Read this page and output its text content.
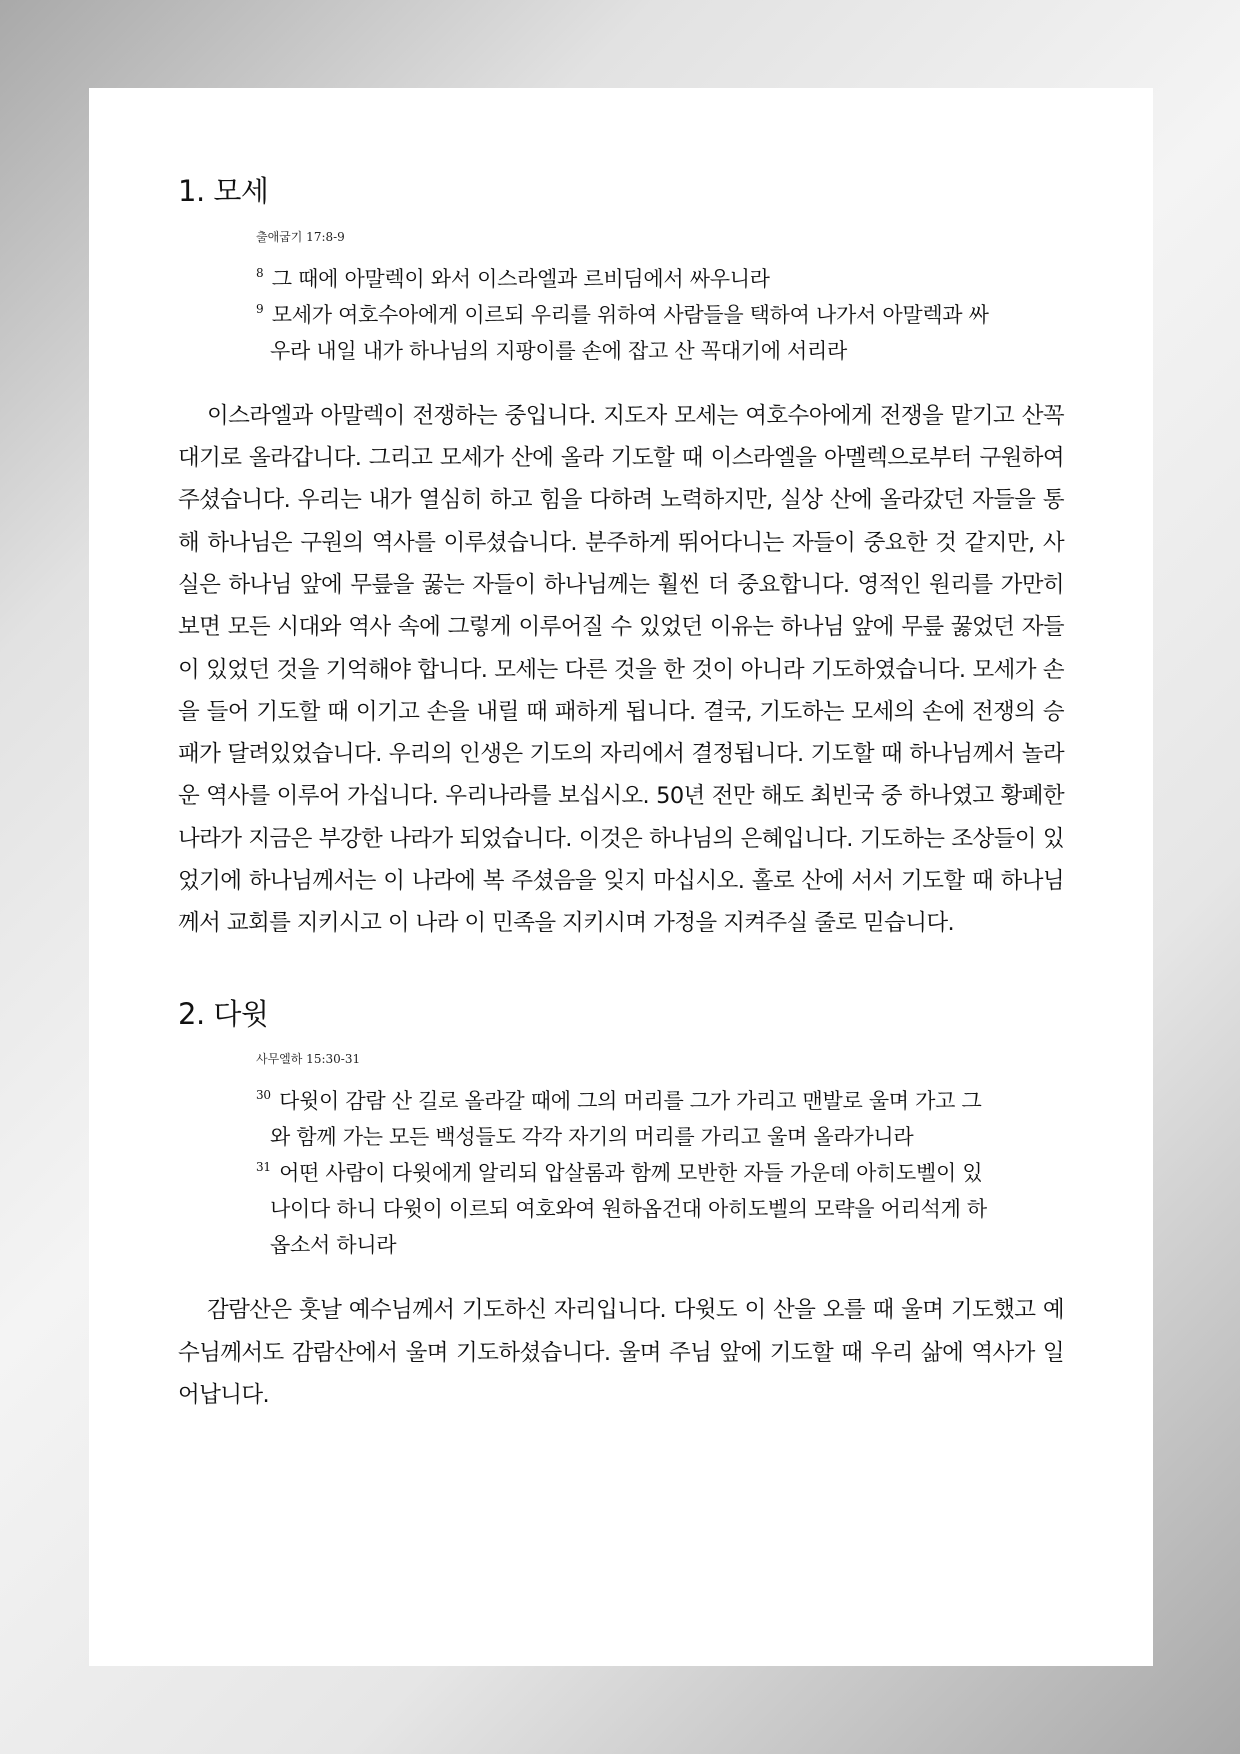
1. 모세
출애굽기 17:8-9
$^8$ 그 때에 아말렉이 와서 이스라엘과 르비딤에서 싸우니라
$^9$ 모세가 여호수아에게 이르되 우리를 위하여 사람들을 택하여 나가서 아말렉과 싸우라 내일 내가 하나님의 지팡이를 손에 잡고 산 꼭대기에 서리라

이스라엘과 아말렉이 전쟁하는 중입니다. 지도자 모세는 여호수아에게 전쟁을 맡기고 산꼭대기로 올라갑니다. 그리고 모세가 산에 올라 기도할 때 이스라엘을 아멜렉으로부터 구원하여 주셨습니다. 우리는 내가 열심히 하고 힘을 다하려 노력하지만, 실상 산에 올라갔던 자들을 통해 하나님은 구원의 역사를 이루셨습니다. 분주하게 뛰어다니는 자들이 중요한 것 같지만, 사실은 하나님 앞에 무릎을 꿇는 자들이 하나님께는 훨씬 더 중요합니다. 영적인 원리를 가만히 보면 모든 시대와 역사 속에 그렇게 이루어질 수 있었던 이유는 하나님 앞에 무릎 꿇었던 자들이 있었던 것을 기억해야 합니다. 모세는 다른 것을 한 것이 아니라 기도하였습니다. 모세가 손을 들어 기도할 때 이기고 손을 내릴 때 패하게 됩니다. 결국, 기도하는 모세의 손에 전쟁의 승패가 달려있었습니다. 우리의 인생은 기도의 자리에서 결정됩니다. 기도할 때 하나님께서 놀라운 역사를 이루어 가십니다. 우리나라를 보십시오. 50년 전만 해도 최빈국 중 하나였고 황폐한 나라가 지금은 부강한 나라가 되었습니다. 이것은 하나님의 은혜입니다. 기도하는 조상들이 있었기에 하나님께서는 이 나라에 복 주셨음을 잊지 마십시오. 홀로 산에 서서 기도할 때 하나님께서 교회를 지키시고 이 나라 이 민족을 지키시며 가정을 지켜주실 줄로 믿습니다.

2. 다윗
사무엘하 15:30-31
$^{30}$ 다윗이 감람 산 길로 올라갈 때에 그의 머리를 그가 가리고 맨발로 울며 가고 그와 함께 가는 모든 백성들도 각각 자기의 머리를 가리고 울며 올라가니라
$^{31}$ 어떤 사람이 다윗에게 알리되 압살롬과 함께 모반한 자들 가운데 아히도벨이 있나이다 하니 다윗이 이르되 여호와여 원하옵건대 아히도벨의 모략을 어리석게 하옵소서 하니라

감람산은 훗날 예수님께서 기도하신 자리입니다. 다윗도 이 산을 오를 때 울며 기도했고 예수님께서도 감람산에서 울며 기도하셨습니다. 울며 주님 앞에 기도할 때 우리 삶에 역사가 일어납니다.
